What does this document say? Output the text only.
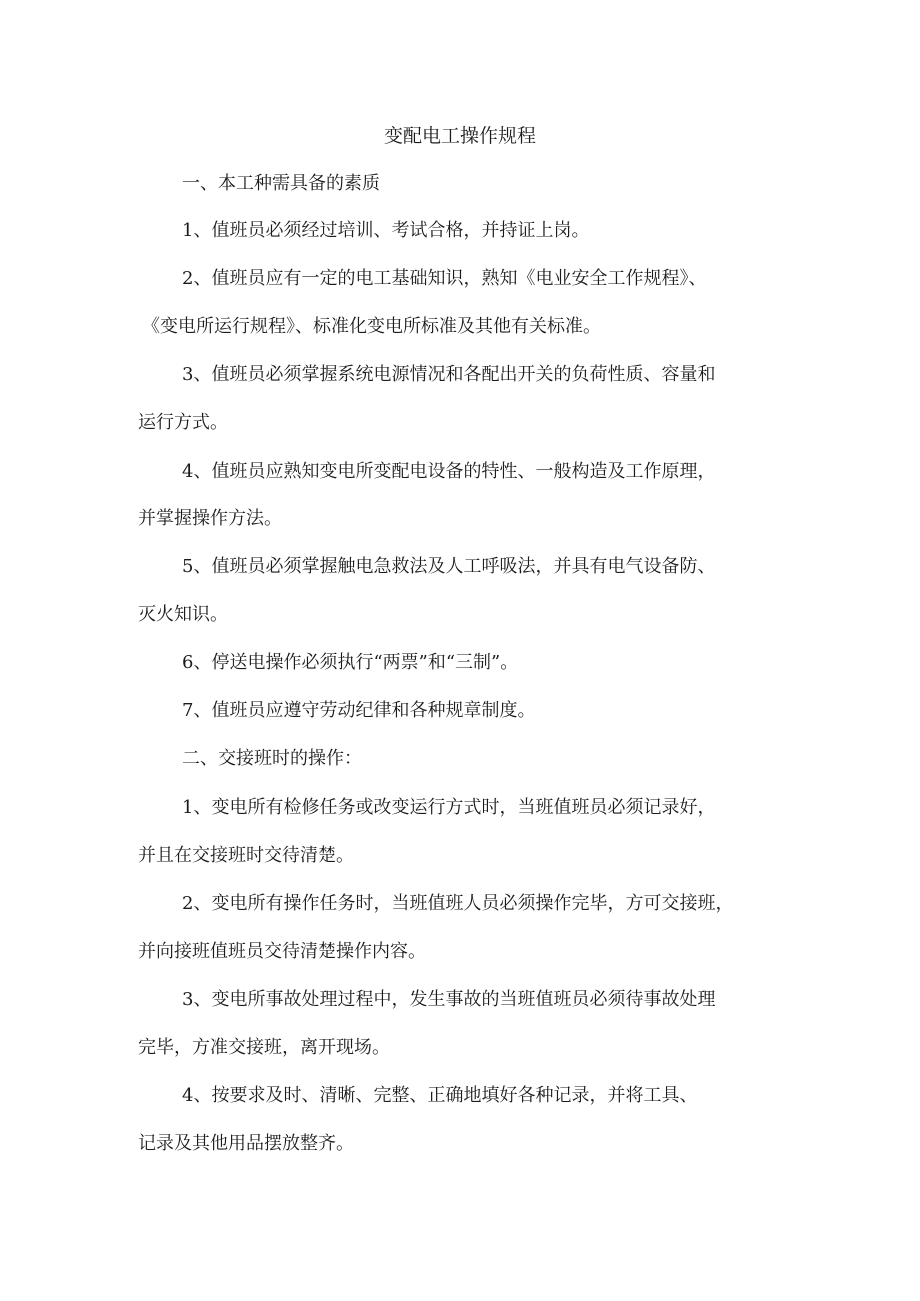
变配电工操作规程
一、本工种需具备的素质
1、值班员必须经过培训、考试合格，并持证上岗。
2、值班员应有一定的电工基础知识，熟知《电业安全工作规程》、
《变电所运行规程》、标准化变电所标准及其他有关标准。
3、值班员必须掌握系统电源情况和各配出开关的负荷性质、容量和
运行方式。
4、值班员应熟知变电所变配电设备的特性、一般构造及工作原理，
并掌握操作方法。
5、值班员必须掌握触电急救法及人工呼吸法，并具有电气设备防、
灭火知识。
6、停送电操作必须执行“两票”和“三制”。
7、值班员应遵守劳动纪律和各种规章制度。
二、交接班时的操作：
1、变电所有检修任务或改变运行方式时，当班值班员必须记录好，
并且在交接班时交待清楚。
2、变电所有操作任务时，当班值班人员必须操作完毕，方可交接班，
并向接班值班员交待清楚操作内容。
3、变电所事故处理过程中，发生事故的当班值班员必须待事故处理
完毕，方准交接班，离开现场。
4、按要求及时、清晰、完整、正确地填好各种记录，并将工具、
记录及其他用品摆放整齐。
